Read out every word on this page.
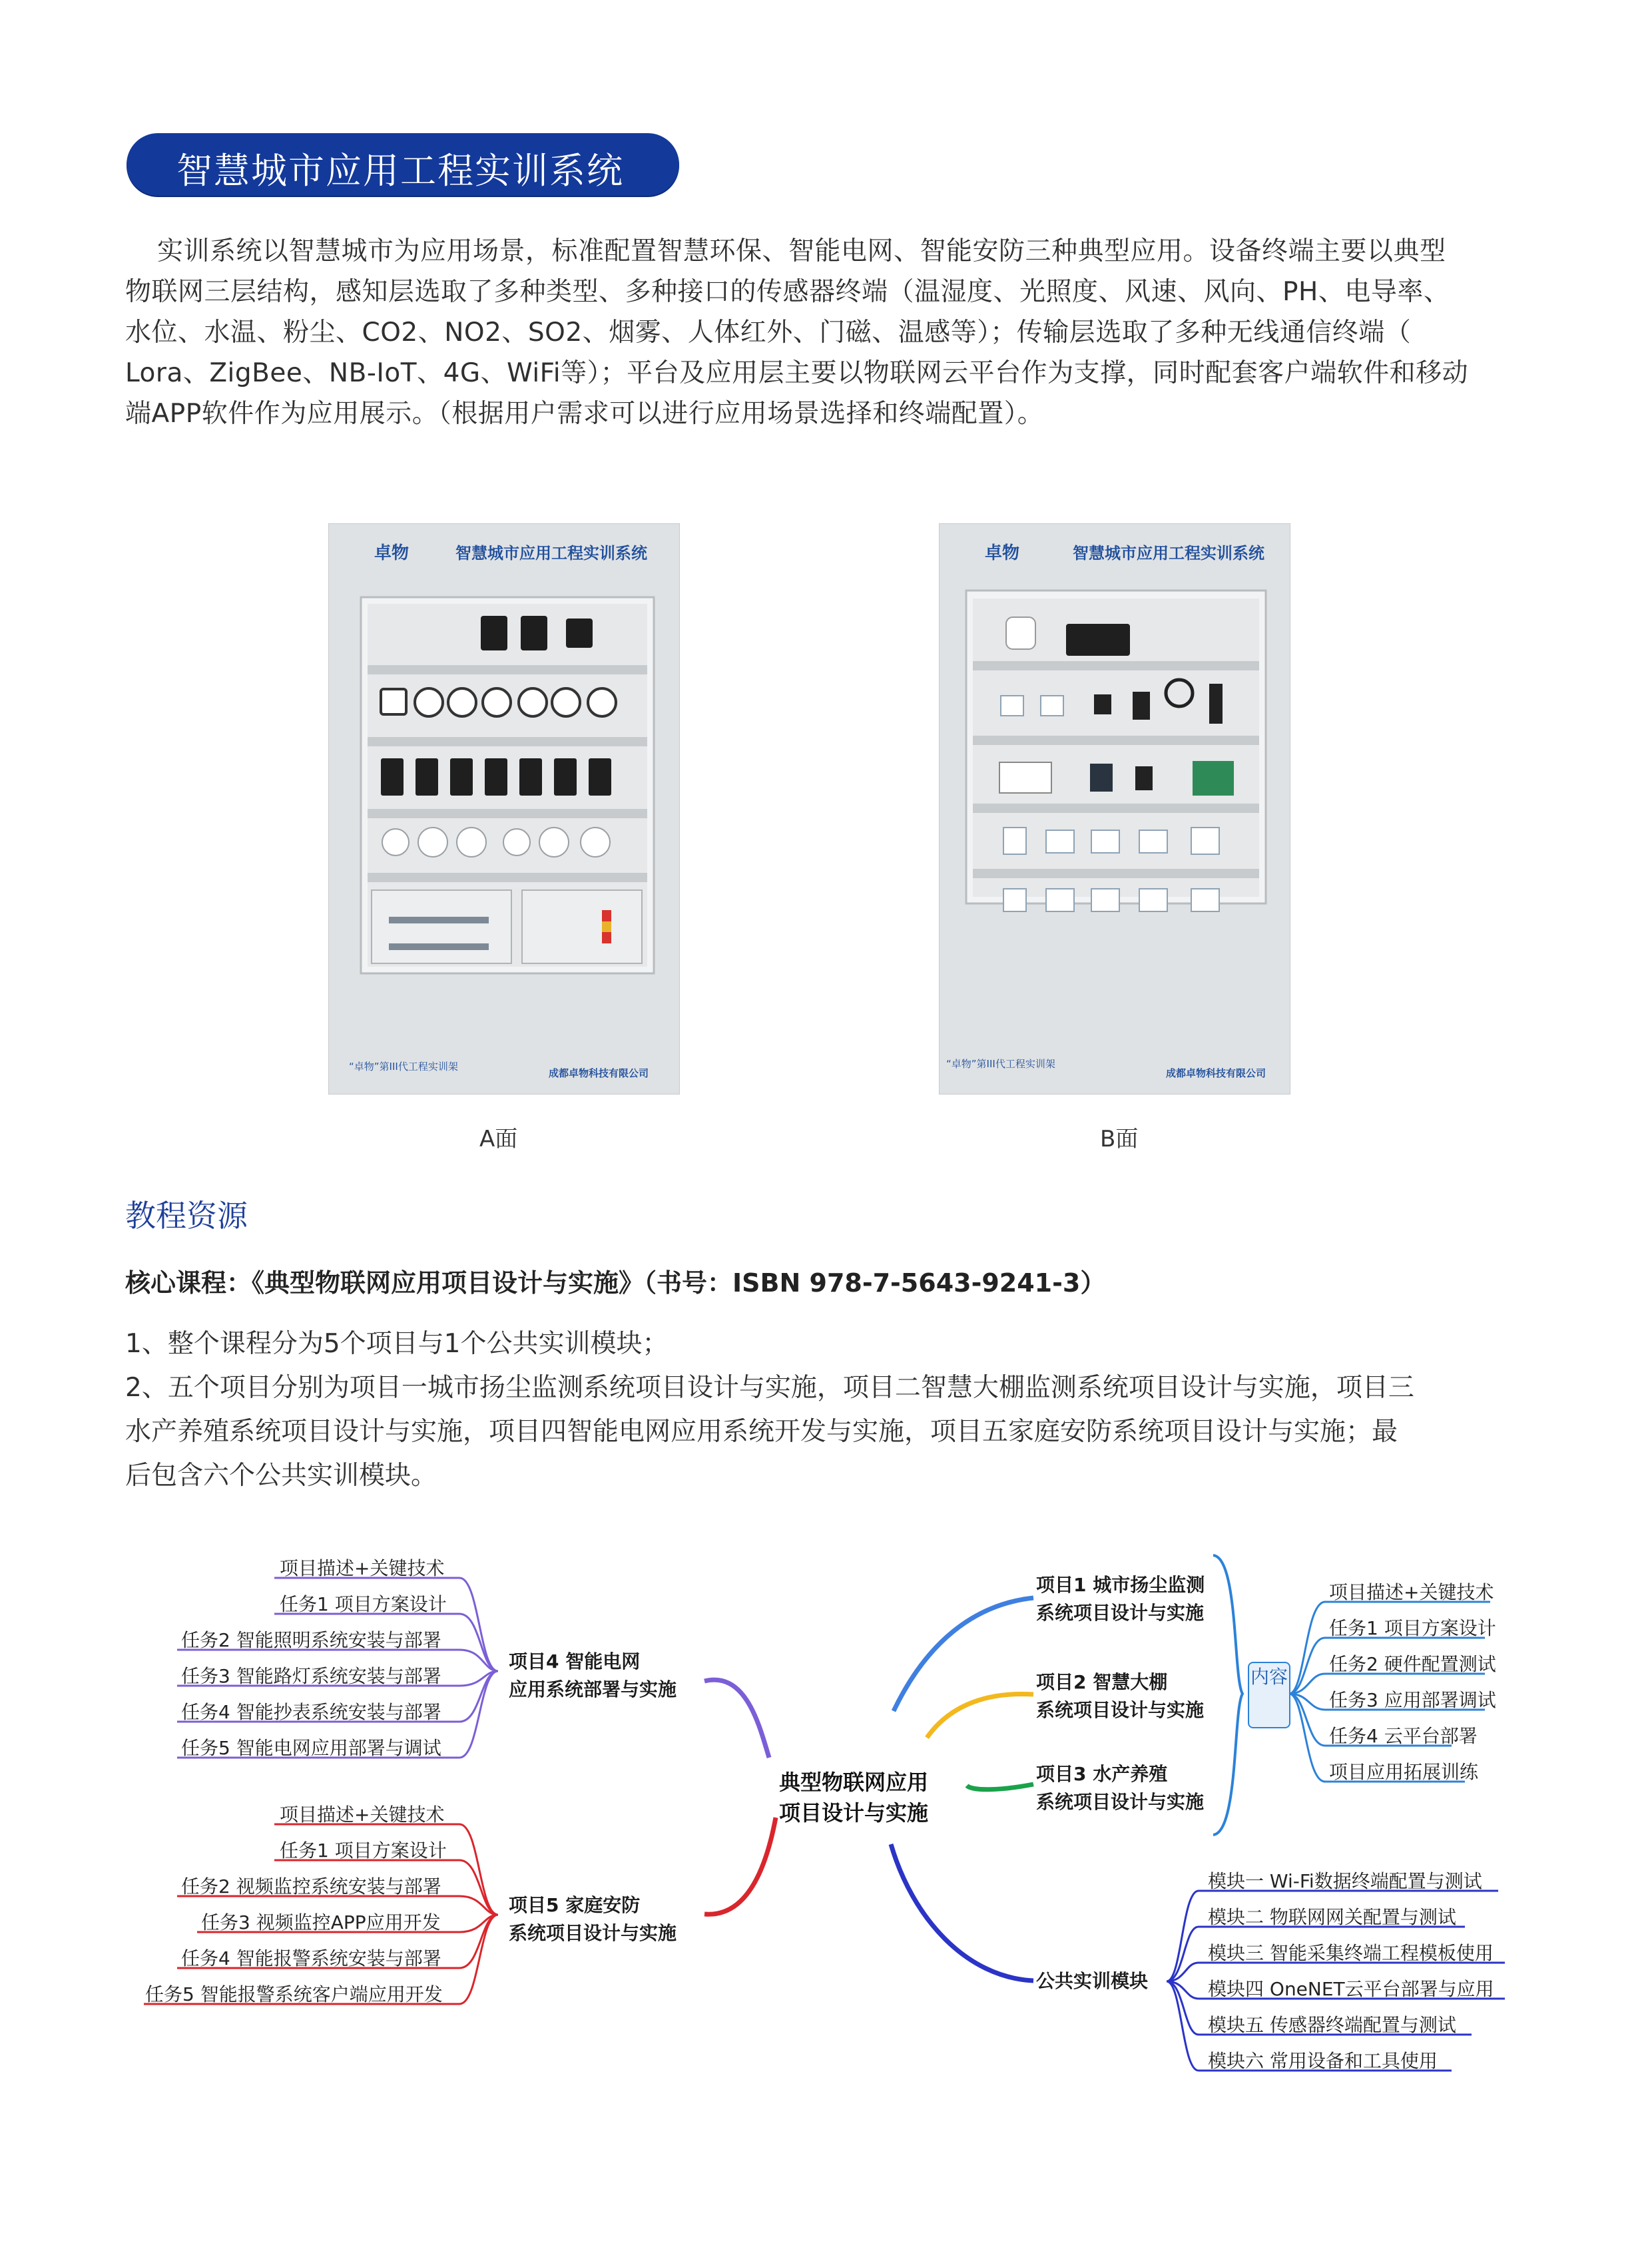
智慧城市应用工程实训系统

实训系统以智慧城市为应用场景，标准配置智慧环保、智能电网、智能安防三种典型应用。设备终端主要以典型

物联网三层结构，感知层选取了多种类型、多种接口的传感器终端（温湿度、光照度、风速、风向、PH、电导率、
水位、水温、粉尘、CO2、NO2、SO2、烟雾、人体红外、门磁、温感等）；传输层选取了多种无线通信终端（
Lora、ZigBee、NB-IoT、4G、WiFi等）；平台及应用层主要以物联网云平台作为支撑，同时配套客户端软件和移动
端APP软件作为应用展示。（根据用户需求可以进行应用场景选择和终端配置）。
卓物	智慧城市应用工程实训系统
“卓物”第III代工程实训架
成都卓物科技有限公司
A面
卓物	智慧城市应用工程实训系统
“卓物”第III代工程实训架
成都卓物科技有限公司
B面
教程资源
核心课程：《典型物联网应用项目设计与实施》（书号：ISBN 978-7-5643-9241-3）

1、整个课程分为5个项目与1个公共实训模块；

2、五个项目分别为项目一城市扬尘监测系统项目设计与实施，项目二智慧大棚监测系统项目设计与实施，项目三

水产养殖系统项目设计与实施，项目四智能电网应用系统开发与实施，项目五家庭安防系统项目设计与实施；最

后包含六个公共实训模块。

典型物联网应用
项目设计与实施
项目4 智能电网
应用系统部署与实施
项目描述+关键技术
任务1 项目方案设计
任务2 智能照明系统安装与部署
任务3 智能路灯系统安装与部署
任务4 智能抄表系统安装与部署
任务5 智能电网应用部署与调试
项目5 家庭安防
系统项目设计与实施
项目描述+关键技术
任务1 项目方案设计
任务2 视频监控系统安装与部署
任务3 视频监控APP应用开发
任务4 智能报警系统安装与部署
任务5 智能报警系统客户端应用开发
项目1 城市扬尘监测
系统项目设计与实施
项目2 智慧大棚
系统项目设计与实施
项目3 水产养殖
系统项目设计与实施
内容
项目描述+关键技术
任务1 项目方案设计
任务2 硬件配置测试
任务3 应用部署调试
任务4 云平台部署
项目应用拓展训练
公共实训模块
模块一 Wi-Fi数据终端配置与测试
模块二 物联网网关配置与测试
模块三 智能采集终端工程模板使用
模块四 OneNET云平台部署与应用
模块五 传感器终端配置与测试
模块六 常用设备和工具使用
